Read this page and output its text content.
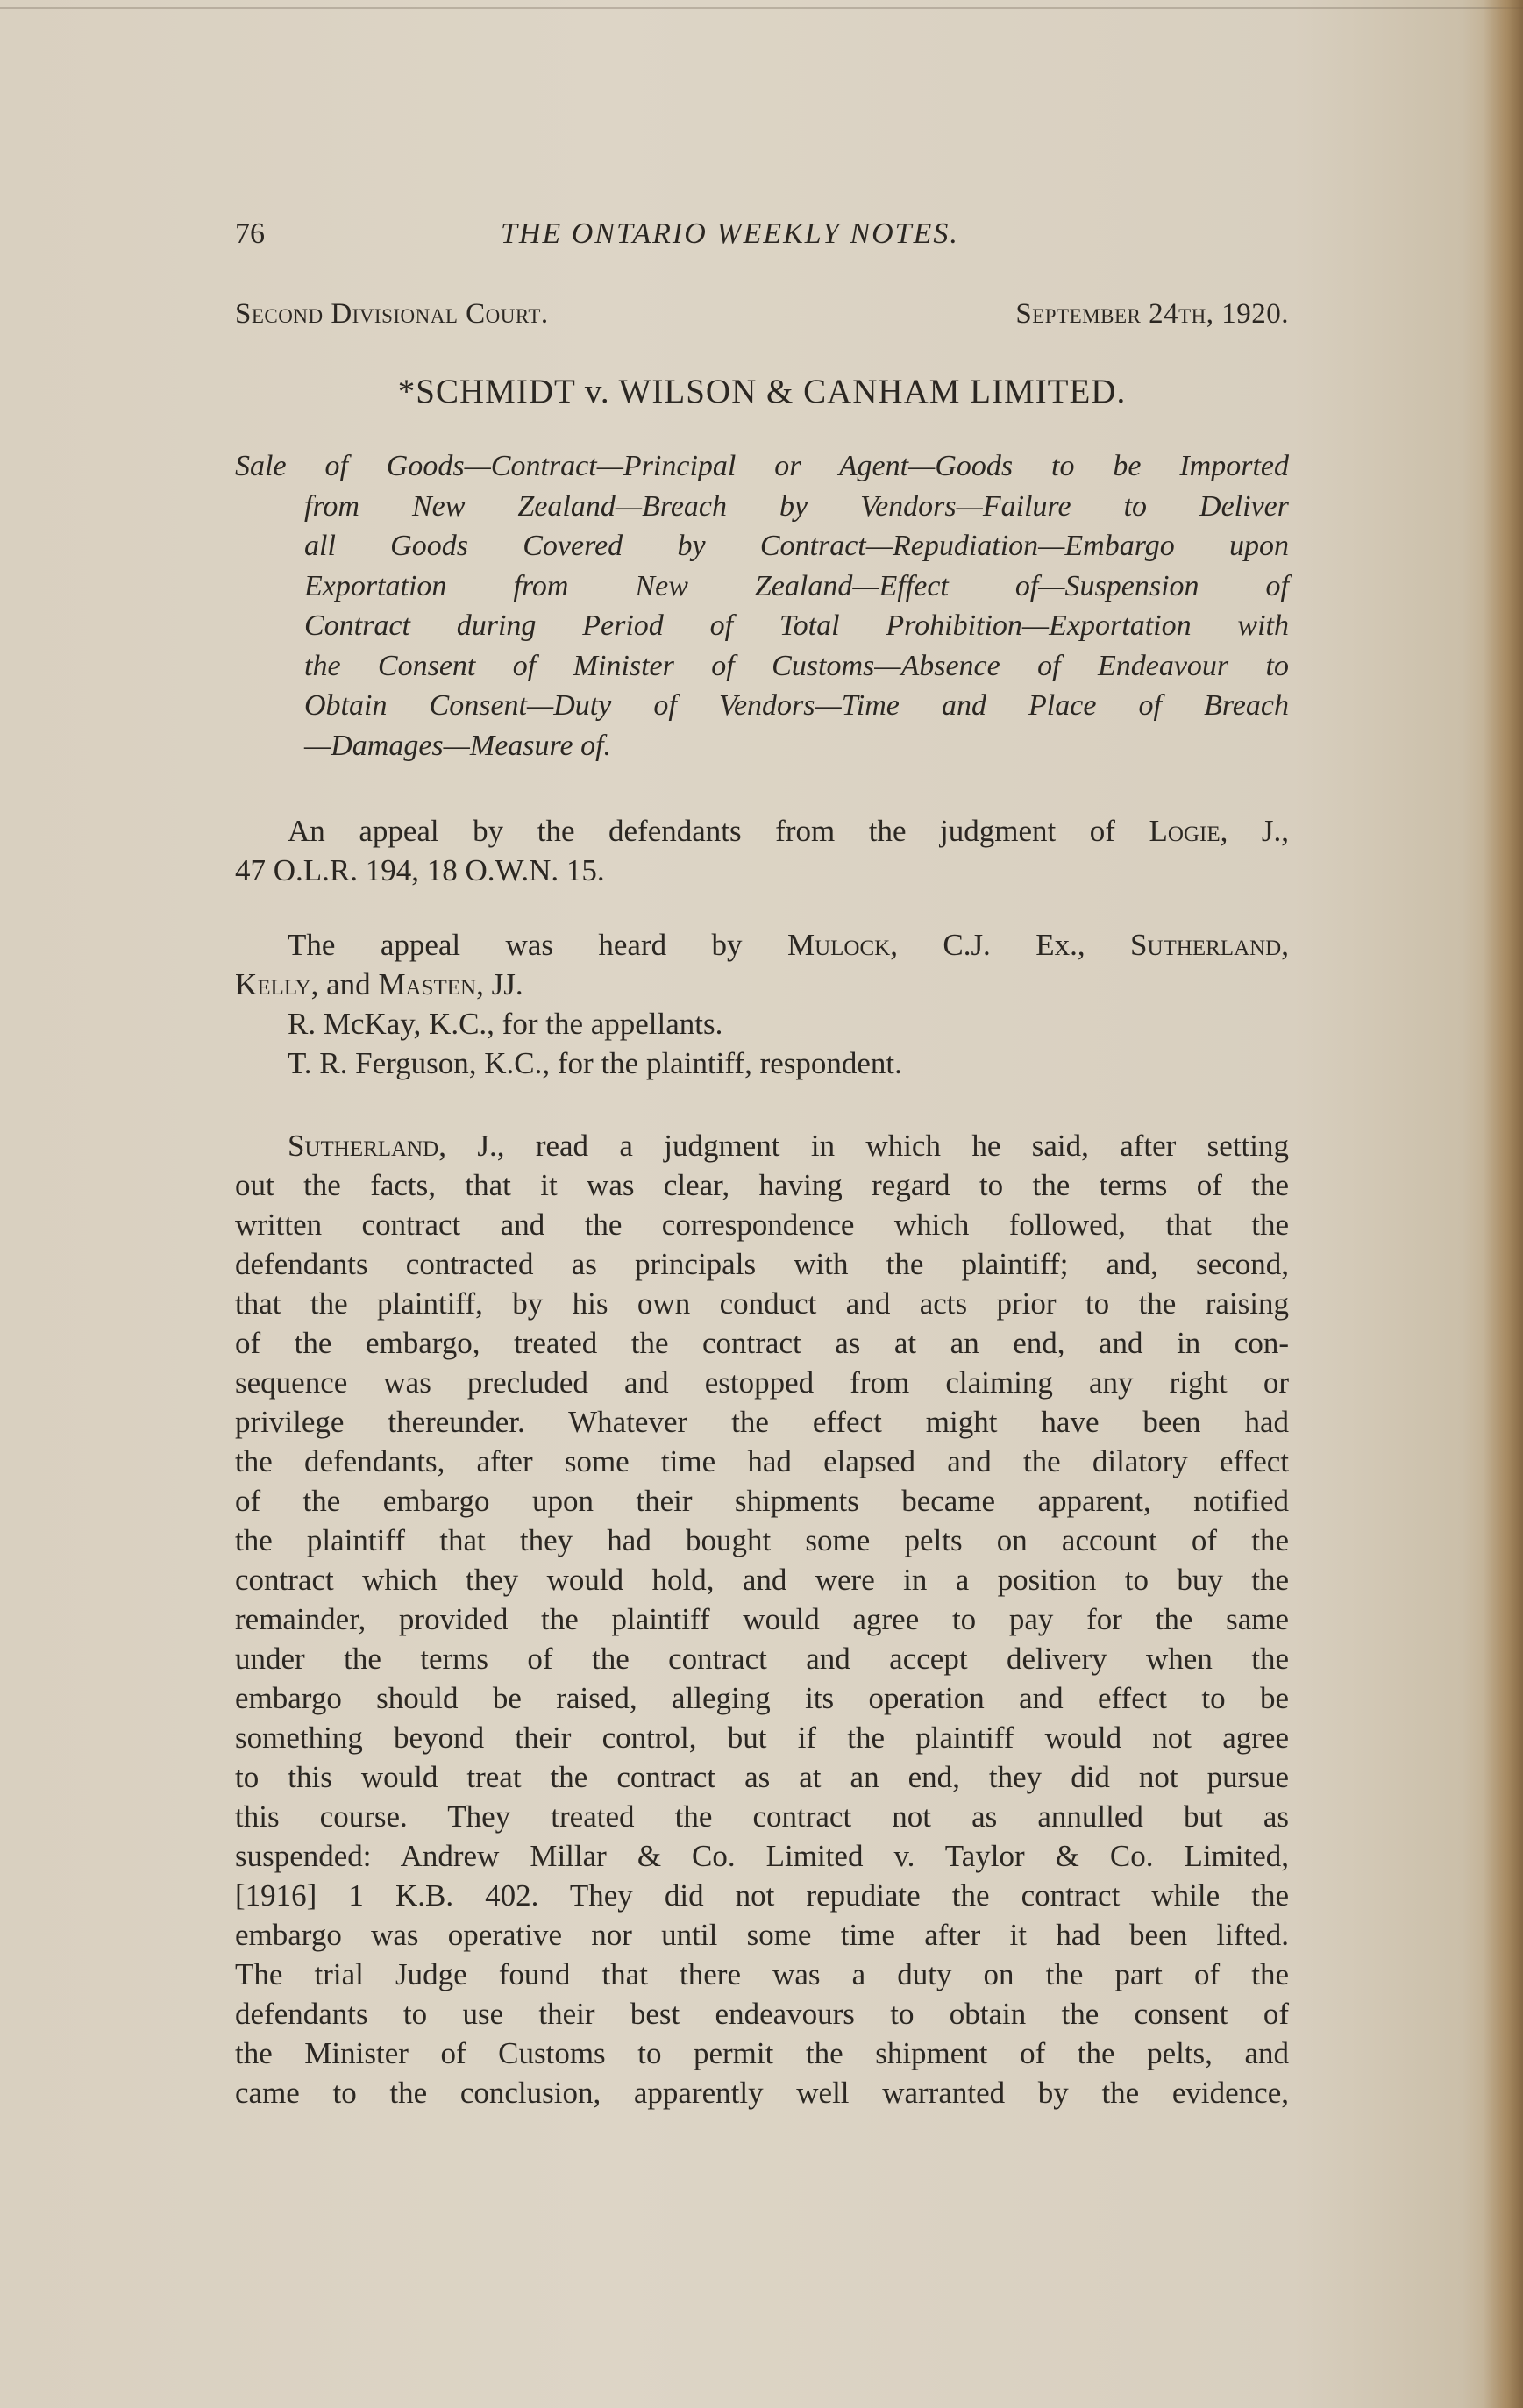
76	THE ONTARIO WEEKLY NOTES.
Second Divisional Court.	September 24th, 1920.
*SCHMIDT v. WILSON & CANHAM LIMITED.
Sale of Goods—Contract—Principal or Agent—Goods to be Imported
from New Zealand—Breach by Vendors—Failure to Deliver
all Goods Covered by Contract—Repudiation—Embargo upon
Exportation from New Zealand—Effect of—Suspension of
Contract during Period of Total Prohibition—Exportation with
the Consent of Minister of Customs—Absence of Endeavour to
Obtain Consent—Duty of Vendors—Time and Place of Breach
—Damages—Measure of.
An appeal by the defendants from the judgment of Logie, J.,
47 O.L.R. 194, 18 O.W.N. 15.
The appeal was heard by Mulock, C.J. Ex., Sutherland,
Kelly, and Masten, JJ.
R. McKay, K.C., for the appellants.
T. R. Ferguson, K.C., for the plaintiff, respondent.
Sutherland, J., read a judgment in which he said, after setting
out the facts, that it was clear, having regard to the terms of the
written contract and the correspondence which followed, that the
defendants contracted as principals with the plaintiff; and, second,
that the plaintiff, by his own conduct and acts prior to the raising
of the embargo, treated the contract as at an end, and in con-
sequence was precluded and estopped from claiming any right or
privilege thereunder. Whatever the effect might have been had
the defendants, after some time had elapsed and the dilatory effect
of the embargo upon their shipments became apparent, notified
the plaintiff that they had bought some pelts on account of the
contract which they would hold, and were in a position to buy the
remainder, provided the plaintiff would agree to pay for the same
under the terms of the contract and accept delivery when the
embargo should be raised, alleging its operation and effect to be
something beyond their control, but if the plaintiff would not agree
to this would treat the contract as at an end, they did not pursue
this course. They treated the contract not as annulled but as
suspended: Andrew Millar & Co. Limited v. Taylor & Co. Limited,
[1916] 1 K.B. 402. They did not repudiate the contract while the
embargo was operative nor until some time after it had been lifted.
The trial Judge found that there was a duty on the part of the
defendants to use their best endeavours to obtain the consent of
the Minister of Customs to permit the shipment of the pelts, and
came to the conclusion, apparently well warranted by the evidence,
